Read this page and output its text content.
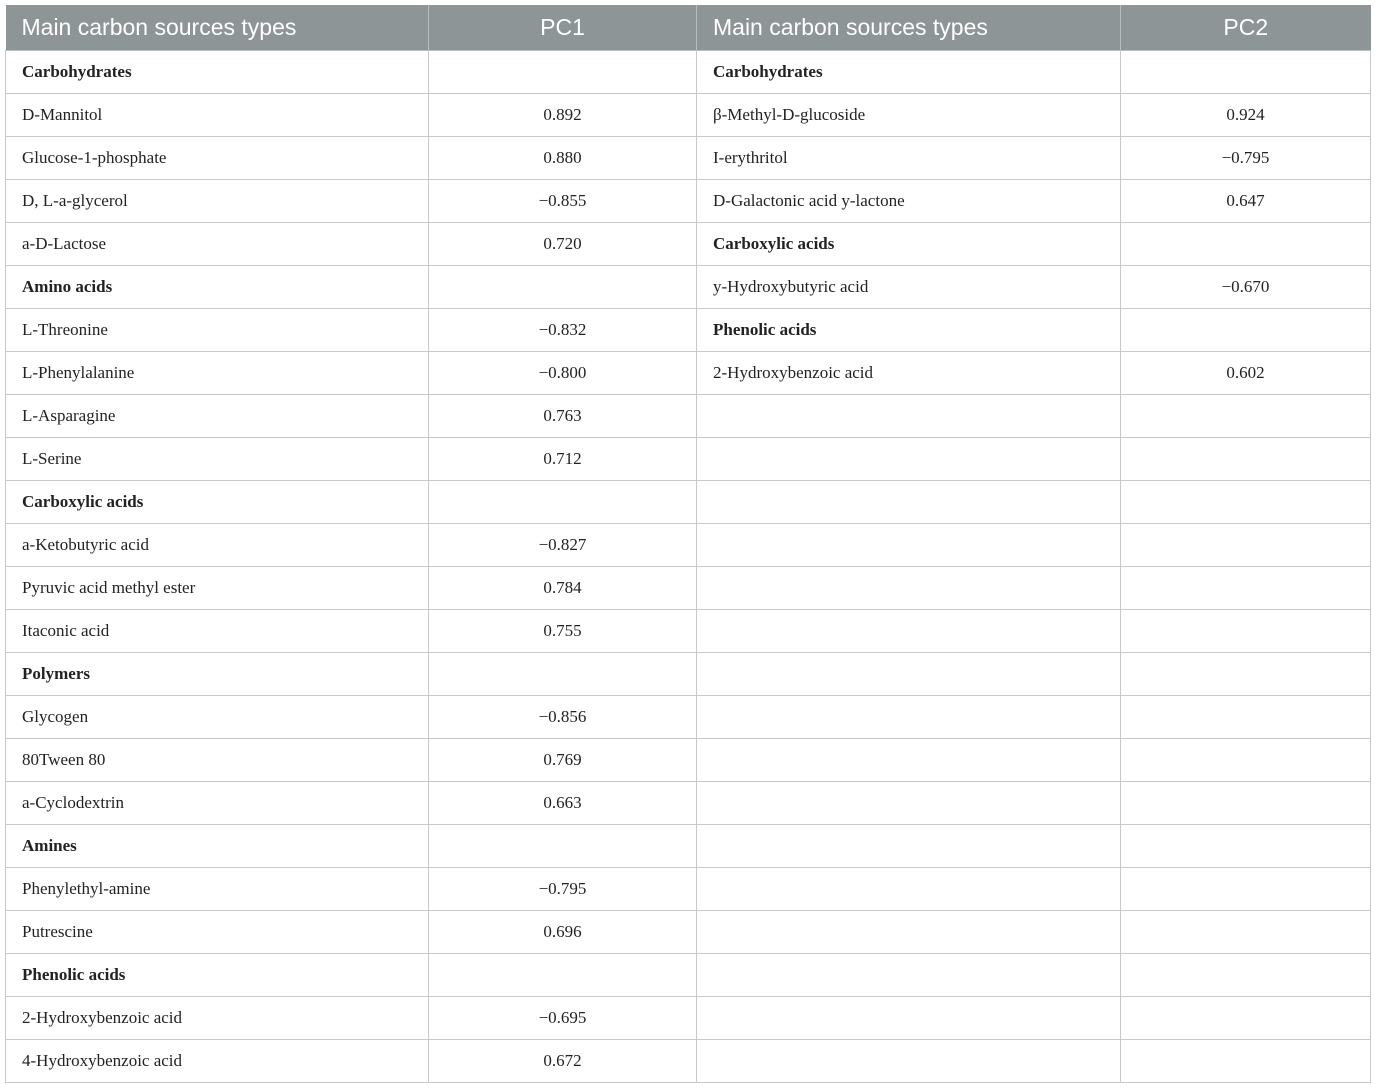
Main carbon sources types	PC1	Main carbon sources types	PC2
Carbohydrates		Carbohydrates	
D-Mannitol	0.892	β-Methyl-D-glucoside	0.924
Glucose-1-phosphate	0.880	I-erythritol	−0.795
D, L-a-glycerol	−0.855	D-Galactonic acid y-lactone	0.647
a-D-Lactose	0.720	Carboxylic acids	
Amino acids		y-Hydroxybutyric acid	−0.670
L-Threonine	−0.832	Phenolic acids	
L-Phenylalanine	−0.800	2-Hydroxybenzoic acid	0.602
L-Asparagine	0.763		
L-Serine	0.712		
Carboxylic acids			
a-Ketobutyric acid	−0.827		
Pyruvic acid methyl ester	0.784		
Itaconic acid	0.755		
Polymers			
Glycogen	−0.856		
80Tween 80	0.769		
a-Cyclodextrin	0.663		
Amines			
Phenylethyl-amine	−0.795		
Putrescine	0.696		
Phenolic acids			
2-Hydroxybenzoic acid	−0.695		
4-Hydroxybenzoic acid	0.672		
